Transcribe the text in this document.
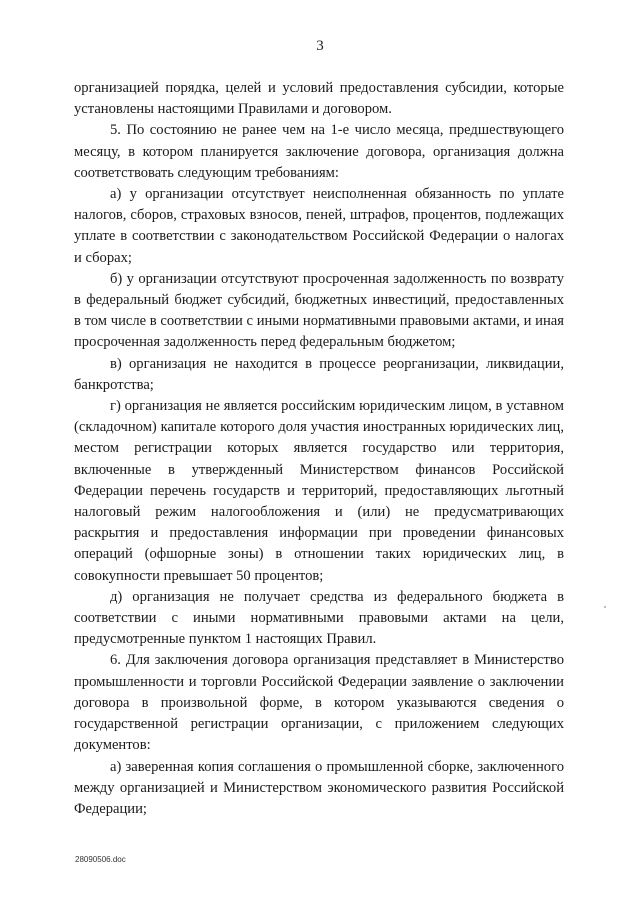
3

организацией порядка, целей и условий предоставления субсидии, которые установлены настоящими Правилами и договором.

5. По состоянию не ранее чем на 1-е число месяца, предшествующего месяцу, в котором планируется заключение договора, организация должна соответствовать следующим требованиям:

а) у организации отсутствует неисполненная обязанность по уплате налогов, сборов, страховых взносов, пеней, штрафов, процентов, подлежащих уплате в соответствии с законодательством Российской Федерации о налогах и сборах;

б) у организации отсутствуют просроченная задолженность по возврату в федеральный бюджет субсидий, бюджетных инвестиций, предоставленных в том числе в соответствии с иными нормативными правовыми актами, и иная просроченная задолженность перед федеральным бюджетом;

в) организация не находится в процессе реорганизации, ликвидации, банкротства;

г) организация не является российским юридическим лицом, в уставном (складочном) капитале которого доля участия иностранных юридических лиц, местом регистрации которых является государство или территория, включенные в утвержденный Министерством финансов Российской Федерации перечень государств и территорий, предоставляющих льготный налоговый режим налогообложения и (или) не предусматривающих раскрытия и предоставления информации при проведении финансовых операций (офшорные зоны) в отношении таких юридических лиц, в совокупности превышает 50 процентов;

д) организация не получает средства из федерального бюджета в соответствии с иными нормативными правовыми актами на цели, предусмотренные пунктом 1 настоящих Правил.

6. Для заключения договора организация представляет в Министерство промышленности и торговли Российской Федерации заявление о заключении договора в произвольной форме, в котором указываются сведения о государственной регистрации организации, с приложением следующих документов:

а) заверенная копия соглашения о промышленной сборке, заключенного между организацией и Министерством экономического развития Российской Федерации;

28090506.doc
